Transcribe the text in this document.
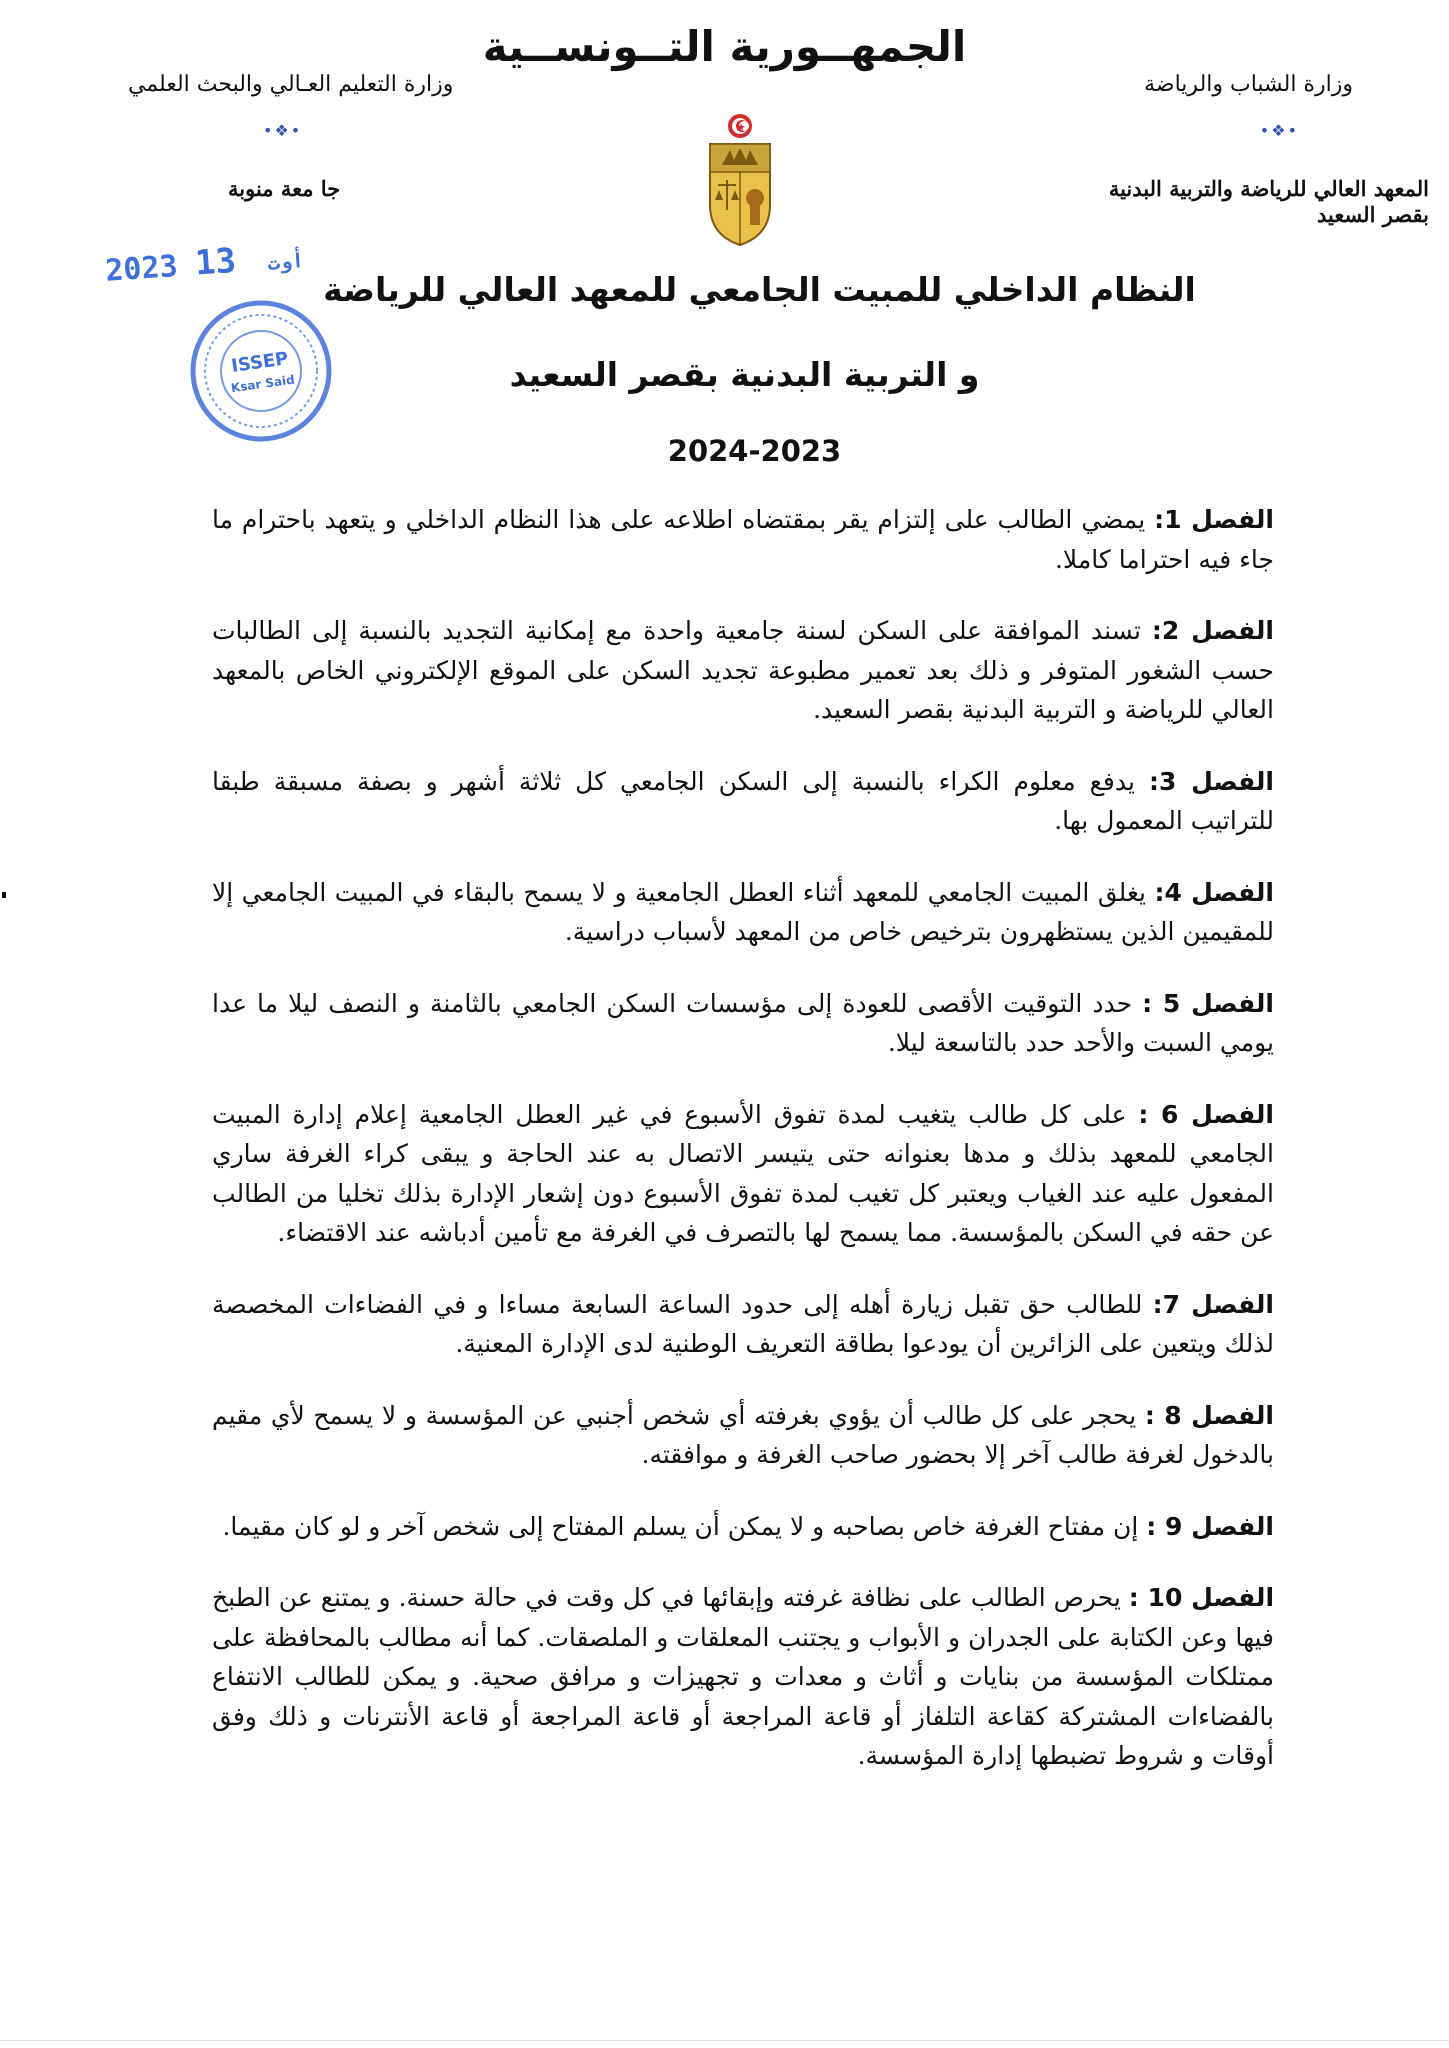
الجمهــورية التــونســية
وزارة الشباب والرياضة
وزارة التعليم العـالي والبحث العلمي
•❖•
•❖•
المعهد العالي للرياضة والتربية البدنية
بقصر السعيد
جا معة منوبة
2023	أوت 13
ISSEP
Ksar Said
النظام الداخلي للمبيت الجامعي للمعهد العالي للرياضة
و التربية البدنية بقصر السعيد
2024-2023

الفصل 1: يمضي الطالب على إلتزام يقر بمقتضاه اطلاعه على هذا النظام الداخلي و يتعهد باحترام ما جاء فيه احتراما كاملا.

الفصل 2: تسند الموافقة على السكن لسنة جامعية واحدة مع إمكانية التجديد بالنسبة إلى الطالبات حسب الشغور المتوفر و ذلك بعد تعمير مطبوعة تجديد السكن على الموقع الإلكتروني الخاص بالمعهد العالي للرياضة و التربية البدنية بقصر السعيد.

الفصل 3: يدفع معلوم الكراء بالنسبة إلى السكن الجامعي كل ثلاثة أشهر و بصفة مسبقة طبقا للتراتيب المعمول بها.

الفصل 4: يغلق المبيت الجامعي للمعهد أثناء العطل الجامعية و لا يسمح بالبقاء في المبيت الجامعي إلا للمقيمين الذين يستظهرون بترخيص خاص من المعهد لأسباب دراسية.

الفصل 5 : حدد التوقيت الأقصى للعودة إلى مؤسسات السكن الجامعي بالثامنة و النصف ليلا ما عدا يومي السبت والأحد حدد بالتاسعة ليلا.

الفصل 6 : على كل طالب يتغيب لمدة تفوق الأسبوع في غير العطل الجامعية إعلام إدارة المبيت الجامعي للمعهد بذلك و مدها بعنوانه حتى يتيسر الاتصال به عند الحاجة و يبقى كراء الغرفة ساري المفعول عليه عند الغياب ويعتبر كل تغيب لمدة تفوق الأسبوع دون إشعار الإدارة بذلك تخليا من الطالب عن حقه في السكن بالمؤسسة. مما يسمح لها بالتصرف في الغرفة مع تأمين أدباشه عند الاقتضاء.

الفصل 7: للطالب حق تقبل زيارة أهله إلى حدود الساعة السابعة مساءا و في الفضاءات المخصصة لذلك ويتعين على الزائرين أن يودعوا بطاقة التعريف الوطنية لدى الإدارة المعنية.

الفصل 8 : يحجر على كل طالب أن يؤوي بغرفته أي شخص أجنبي عن المؤسسة و لا يسمح لأي مقيم بالدخول لغرفة طالب آخر إلا بحضور صاحب الغرفة و موافقته.

الفصل 9 : إن مفتاح الغرفة خاص بصاحبه و لا يمكن أن يسلم المفتاح إلى شخص آخر و لو كان مقيما.

الفصل 10 : يحرص الطالب على نظافة غرفته وإبقائها في كل وقت في حالة حسنة. و يمتنع عن الطبخ فيها وعن الكتابة على الجدران و الأبواب و يجتنب المعلقات و الملصقات. كما أنه مطالب بالمحافظة على ممتلكات المؤسسة من بنايات و أثاث و معدات و تجهيزات و مرافق صحية. و يمكن للطالب الانتفاع بالفضاءات المشتركة كقاعة التلفاز أو قاعة المراجعة أو قاعة المراجعة أو قاعة الأنترنات و ذلك وفق أوقات و شروط تضبطها إدارة المؤسسة.
